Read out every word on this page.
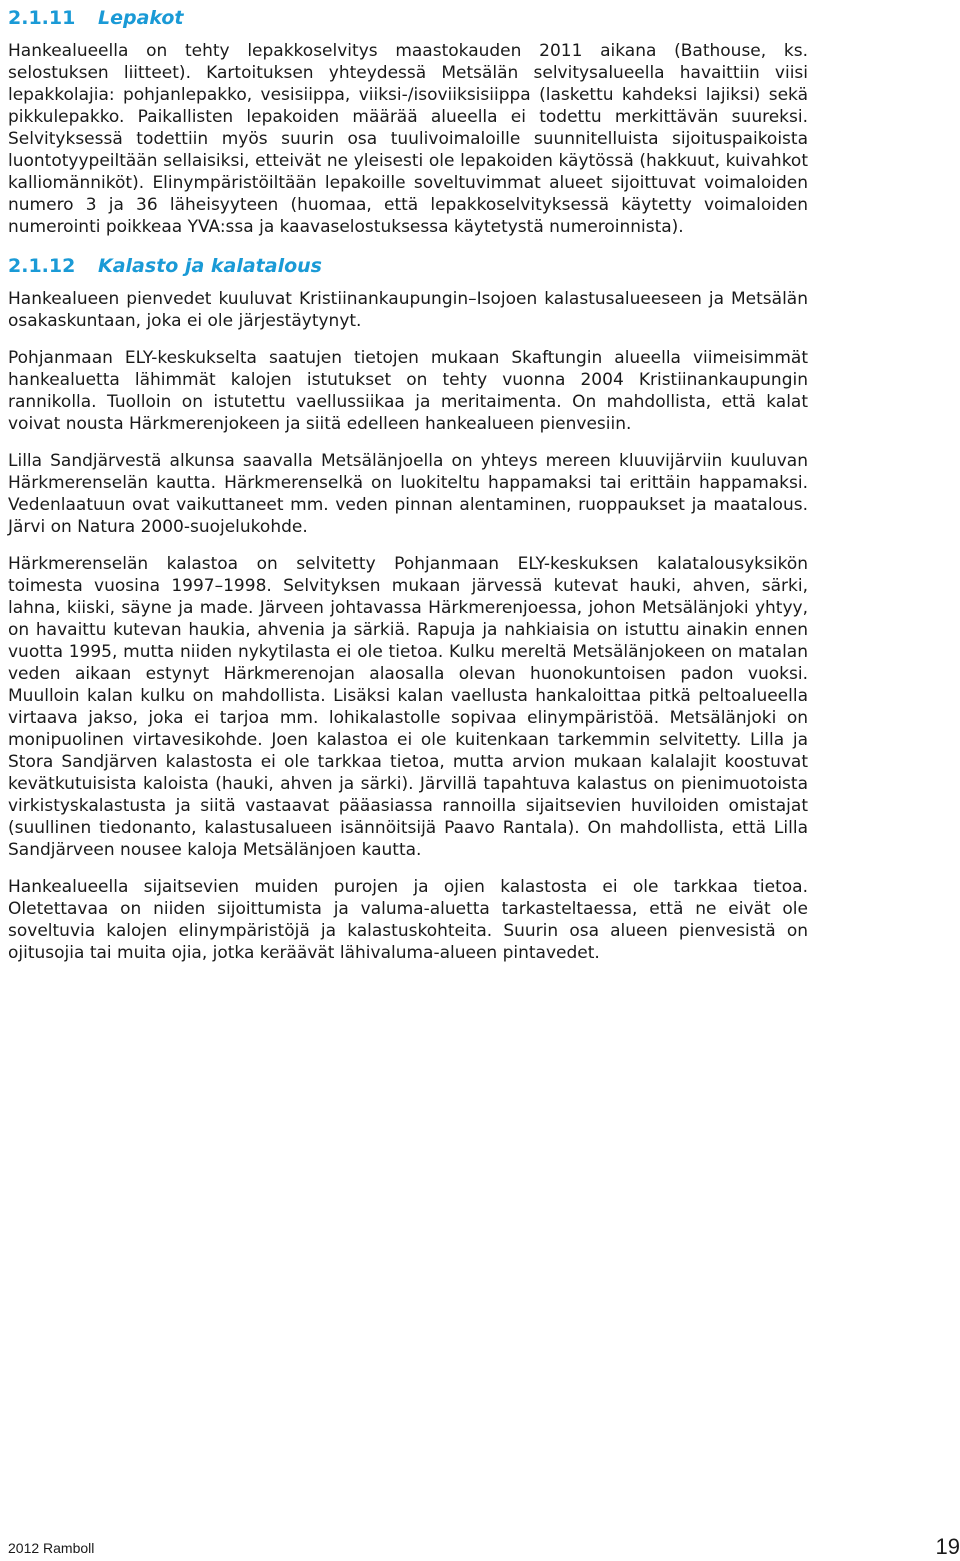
2.1.11 Lepakot

Hankealueella on tehty lepakkoselvitys maastokauden 2011 aikana (Bathouse, ks. selostuksen liitteet). Kartoituksen yhteydessä Metsälän selvitysalueella havaittiin viisi lepakkolajia: pohjanlepakko, vesisiippa, viiksi-/isoviiksisiippa (laskettu kahdeksi lajiksi) sekä pikkulepakko. Paikallisten lepakoiden määrää alueella ei todettu merkittävän suureksi. Selvityksessä todettiin myös suurin osa tuulivoimaloille suunnitelluista sijoituspaikoista luontotyypeiltään sellaisiksi, etteivät ne yleisesti ole lepakoiden käytössä (hakkuut, kuivahkot kalliomänniköt). Elinympäristöiltään lepakoille soveltuvimmat alueet sijoittuvat voimaloiden numero 3 ja 36 läheisyyteen (huomaa, että lepakkoselvityksessä käytetty voimaloiden numerointi poikkeaa YVA:ssa ja kaavaselostuksessa käytetystä numeroinnista).

2.1.12 Kalasto ja kalatalous

Hankealueen pienvedet kuuluvat Kristiinankaupungin–Isojoen kalastusalueeseen ja Metsälän osakaskuntaan, joka ei ole järjestäytynyt.

Pohjanmaan ELY-keskukselta saatujen tietojen mukaan Skaftungin alueella viimeisimmät hankealuetta lähimmät kalojen istutukset on tehty vuonna 2004 Kristiinankaupungin rannikolla. Tuolloin on istutettu vaellussiikaa ja meritaimenta. On mahdollista, että kalat voivat nousta Härkmerenjokeen ja siitä edelleen hankealueen pienvesiin.

Lilla Sandjärvestä alkunsa saavalla Metsälänjoella on yhteys mereen kluuvijärviin kuuluvan Härkmerenselän kautta. Härkmerenselkä on luokiteltu happamaksi tai erittäin happamaksi. Vedenlaatuun ovat vaikuttaneet mm. veden pinnan alentaminen, ruoppaukset ja maatalous. Järvi on Natura 2000-suojelukohde.

Härkmerenselän kalastoa on selvitetty Pohjanmaan ELY-keskuksen kalatalousyksikön toimesta vuosina 1997–1998. Selvityksen mukaan järvessä kutevat hauki, ahven, särki, lahna, kiiski, säyne ja made. Järveen johtavassa Härkmerenjoessa, johon Metsälänjoki yhtyy, on havaittu kutevan haukia, ahvenia ja särkiä. Rapuja ja nahkiaisia on istuttu ainakin ennen vuotta 1995, mutta niiden nykytilasta ei ole tietoa. Kulku mereltä Metsälänjokeen on matalan veden aikaan estynyt Härkmerenojan alaosalla olevan huonokuntoisen padon vuoksi. Muulloin kalan kulku on mahdollista. Lisäksi kalan vaellusta hankaloittaa pitkä peltoalueella virtaava jakso, joka ei tarjoa mm. lohikalastolle sopivaa elinympäristöä. Metsälänjoki on monipuolinen virtavesikohde. Joen kalastoa ei ole kuitenkaan tarkemmin selvitetty. Lilla ja Stora Sandjärven kalastosta ei ole tarkkaa tietoa, mutta arvion mukaan kalalajit koostuvat kevätkutuisista kaloista (hauki, ahven ja särki). Järvillä tapahtuva kalastus on pienimuotoista virkistyskalastusta ja siitä vastaavat pääasiassa rannoilla sijaitsevien huviloiden omistajat (suullinen tiedonanto, kalastusalueen isännöitsijä Paavo Rantala). On mahdollista, että Lilla Sandjärveen nousee kaloja Metsälänjoen kautta.

Hankealueella sijaitsevien muiden purojen ja ojien kalastosta ei ole tarkkaa tietoa. Oletettavaa on niiden sijoittumista ja valuma-aluetta tarkasteltaessa, että ne eivät ole soveltuvia kalojen elinympäristöjä ja kalastuskohteita. Suurin osa alueen pienvesistä on ojitusojia tai muita ojia, jotka keräävät lähivaluma-alueen pintavedet.

2012 Ramboll	19
